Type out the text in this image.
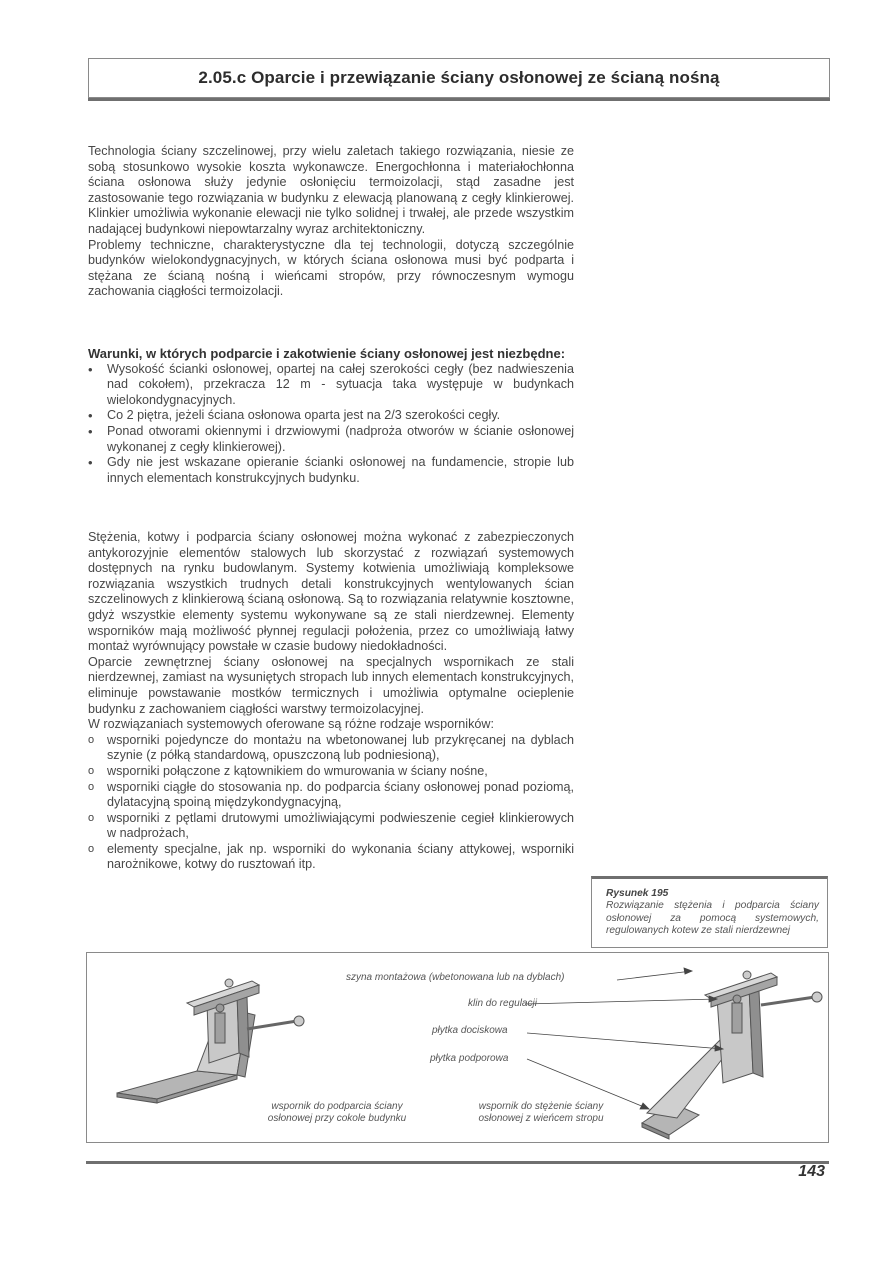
2.05.c Oparcie i przewiązanie ściany osłonowej ze ścianą nośną

Technologia ściany szczelinowej, przy wielu zaletach takiego rozwiązania, niesie ze sobą stosunkowo wysokie koszta wykonawcze. Energochłonna i materiałochłonna ściana osłonowa służy jedynie osłonięciu termoizolacji, stąd zasadne jest zastosowanie tego rozwiązania w budynku z elewacją planowaną z cegły klinkierowej. Klinkier umożliwia wykonanie elewacji nie tylko solidnej i trwałej, ale przede wszystkim nadającej budynkowi niepowtarzalny wyraz architektoniczny.

Problemy techniczne, charakterystyczne dla tej technologii, dotyczą szczególnie budynków wielokondygnacyjnych, w których ściana osłonowa musi być podparta i stężana ze ścianą nośną i wieńcami stropów, przy równoczesnym wymogu zachowania ciągłości termoizolacji.

Warunki, w których podparcie i zakotwienie ściany osłonowej jest niezbędne:
• Wysokość ścianki osłonowej, opartej na całej szerokości cegły (bez nadwieszenia nad cokołem), przekracza 12 m - sytuacja taka występuje w budynkach wielokondygnacyjnych.
• Co 2 piętra, jeżeli ściana osłonowa oparta jest na 2/3 szerokości cegły.
• Ponad otworami okiennymi i drzwiowymi (nadproża otworów w ścianie osłonowej wykonanej z cegły klinkierowej).
• Gdy nie jest wskazane opieranie ścianki osłonowej na fundamencie, stropie lub innych elementach konstrukcyjnych budynku.

Stężenia, kotwy i podparcia ściany osłonowej można wykonać z zabezpieczonych antykorozyjnie elementów stalowych lub skorzystać z rozwiązań systemowych dostępnych na rynku budowlanym. Systemy kotwienia umożliwiają kompleksowe rozwiązania wszystkich trudnych detali konstrukcyjnych wentylowanych ścian szczelinowych z klinkierową ścianą osłonową. Są to rozwiązania relatywnie kosztowne, gdyż wszystkie elementy systemu wykonywane są ze stali nierdzewnej. Elementy wsporników mają możliwość płynnej regulacji położenia, przez co umożliwiają łatwy montaż wyrównujący powstałe w czasie budowy niedokładności.

Oparcie zewnętrznej ściany osłonowej na specjalnych wspornikach ze stali nierdzewnej, zamiast na wysuniętych stropach lub innych elementach konstrukcyjnych, eliminuje powstawanie mostków termicznych i umożliwia optymalne ocieplenie budynku z zachowaniem ciągłości warstwy termoizolacyjnej.

W rozwiązaniach systemowych oferowane są różne rodzaje wsporników:

o wsporniki pojedyncze do montażu na wbetonowanej lub przykręcanej na dyblach szynie (z półką standardową, opuszczoną lub podniesioną),
o wsporniki połączone z kątownikiem do wmurowania w ściany nośne,
o wsporniki ciągłe do stosowania np. do podparcia ściany osłonowej ponad poziomą, dylatacyjną spoiną międzykondygnacyjną,
o wsporniki z pętlami drutowymi umożliwiającymi podwieszenie cegieł klinkierowych w nadprożach,
o elementy specjalne, jak np. wsporniki do wykonania ściany attykowej, wsporniki narożnikowe, kotwy do rusztowań itp.
Rysunek 195
Rozwiązanie stężenia i podparcia ściany osłonowej za pomocą systemowych, regulowanych kotew ze stali nierdzewnej
szyna montażowa (wbetonowana lub na dyblach)
klin do regulacji
płytka dociskowa
płytka podporowa
wspornik do podparcia ściany
osłonowej przy cokole budynku
wspornik do stężenie ściany
osłonowej z wieńcem stropu
143
